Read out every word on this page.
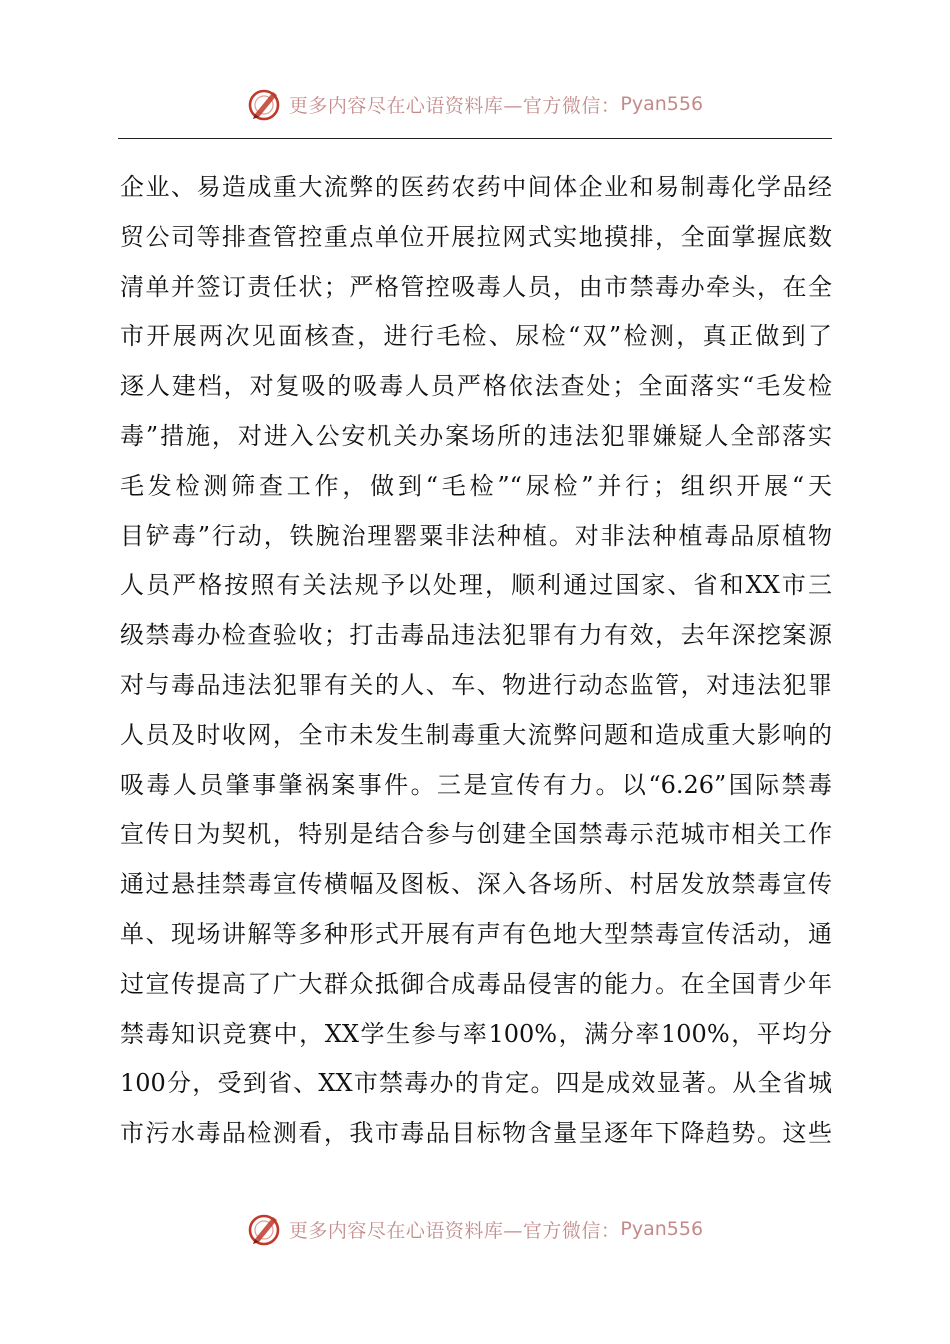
更多内容尽在心语资料库—官方微信： Pyan556
企业、易造成重大流弊的医药农药中间体企业和易制毒化学品经
贸公司等排查管控重点单位开展拉网式实地摸排，全面掌握底数
清单并签订责任状；严格管控吸毒人员，由市禁毒办牵头，在全
市开展两次见面核查，进行毛检、尿检“双”检测，真正做到了
逐人建档，对复吸的吸毒人员严格依法查处；全面落实“毛发检
毒”措施，对进入公安机关办案场所的违法犯罪嫌疑人全部落实
毛发检测筛查工作，做到“毛检”“尿检”并行；组织开展“天
目铲毒”行动，铁腕治理罂粟非法种植。对非法种植毒品原植物
人员严格按照有关法规予以处理，顺利通过国家、省和XX市三
级禁毒办检查验收；打击毒品违法犯罪有力有效，去年深挖案源
对与毒品违法犯罪有关的人、车、物进行动态监管，对违法犯罪
人员及时收网，全市未发生制毒重大流弊问题和造成重大影响的
吸毒人员肇事肇祸案事件。三是宣传有力。以“6.26”国际禁毒
宣传日为契机，特别是结合参与创建全国禁毒示范城市相关工作
通过悬挂禁毒宣传横幅及图板、深入各场所、村居发放禁毒宣传
单、现场讲解等多种形式开展有声有色地大型禁毒宣传活动，通
过宣传提高了广大群众抵御合成毒品侵害的能力。在全国青少年
禁毒知识竞赛中，XX学生参与率100%，满分率100%，平均分
100分，受到省、XX市禁毒办的肯定。四是成效显著。从全省城
市污水毒品检测看，我市毒品目标物含量呈逐年下降趋势。这些
更多内容尽在心语资料库—官方微信： Pyan556
